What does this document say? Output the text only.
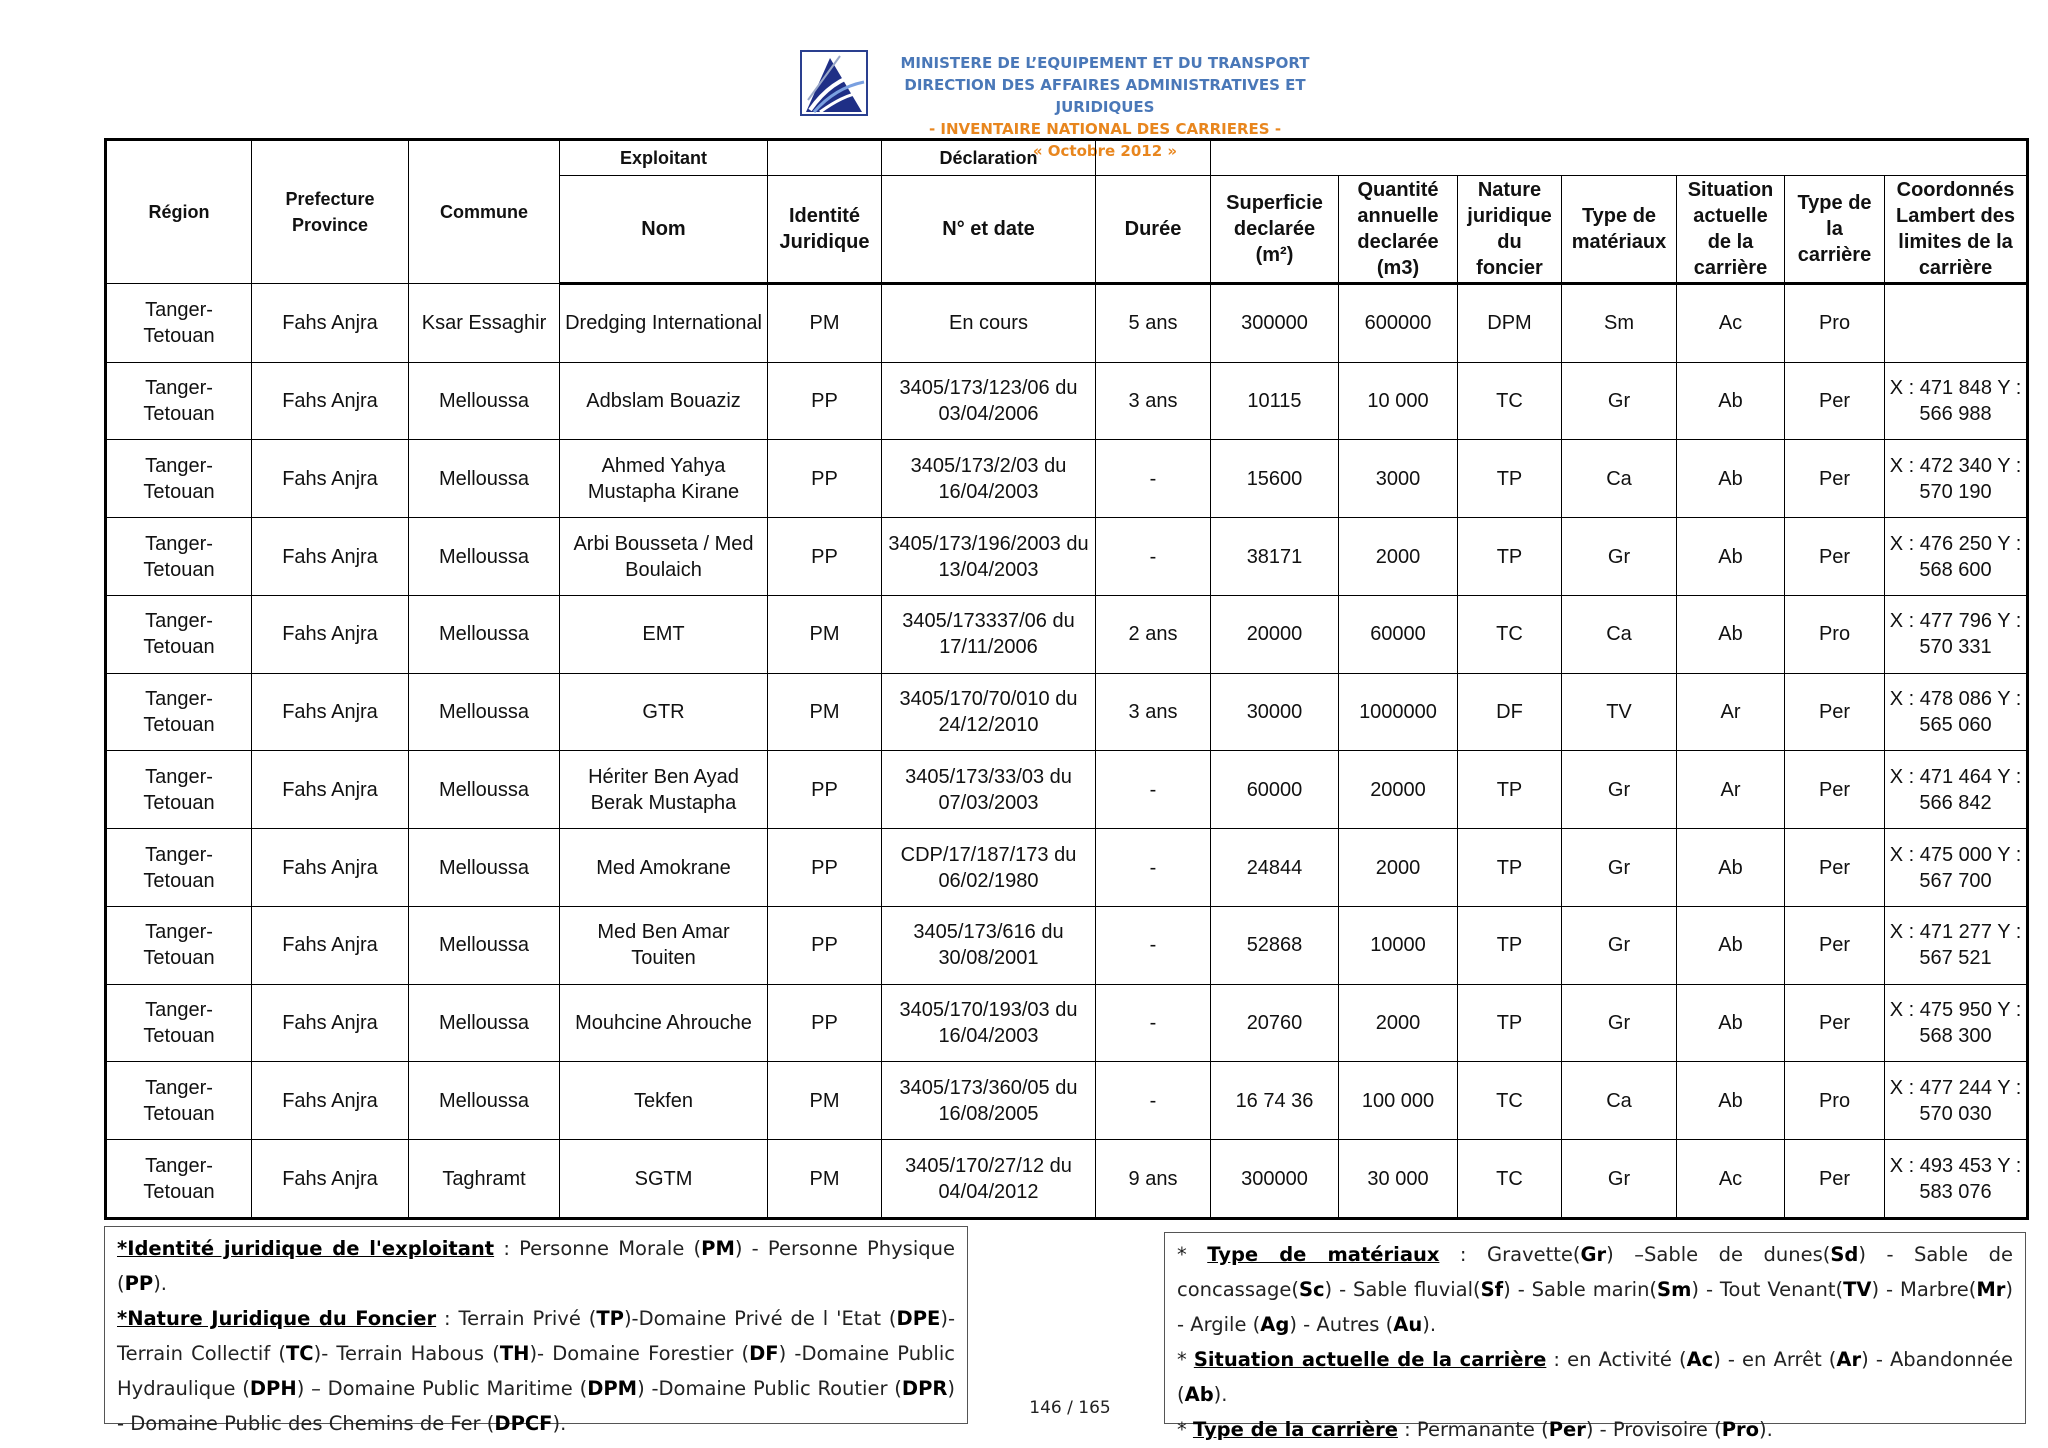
MINISTERE DE L’EQUIPEMENT ET DU TRANSPORT
DIRECTION DES AFFAIRES ADMINISTRATIVES ET JURIDIQUES
- INVENTAIRE NATIONAL DES CARRIERES -
« Octobre 2012 »
Région	Prefecture Province	Commune	Exploitant		Déclaration								
			Nom	Identité Juridique	N° et date	Durée	Superficie declarée (m²)	Quantité annuelle declarée (m3)	Nature juridique du foncier	Type de matériaux	Situation actuelle de la carrière	Type de la carrière	Coordonnés Lambert des limites de la carrière
Tanger-Tetouan	Fahs Anjra	Ksar Essaghir	Dredging International	PM	En cours	5 ans	300000	600000	DPM	Sm	Ac	Pro	
Tanger-Tetouan	Fahs Anjra	Melloussa	Adbslam Bouaziz	PP	3405/173/123/06 du 03/04/2006	3 ans	10115	10 000	TC	Gr	Ab	Per	X : 471 848 Y : 566 988
Tanger-Tetouan	Fahs Anjra	Melloussa	Ahmed Yahya Mustapha Kirane	PP	3405/173/2/03 du 16/04/2003	-	15600	3000	TP	Ca	Ab	Per	X : 472 340 Y : 570 190
Tanger-Tetouan	Fahs Anjra	Melloussa	Arbi Bousseta / Med Boulaich	PP	3405/173/196/2003 du 13/04/2003	-	38171	2000	TP	Gr	Ab	Per	X : 476 250 Y : 568 600
Tanger-Tetouan	Fahs Anjra	Melloussa	EMT	PM	3405/173337/06 du 17/11/2006	2 ans	20000	60000	TC	Ca	Ab	Pro	X : 477 796 Y : 570 331
Tanger-Tetouan	Fahs Anjra	Melloussa	GTR	PM	3405/170/70/010 du 24/12/2010	3 ans	30000	1000000	DF	TV	Ar	Per	X : 478 086 Y : 565 060
Tanger-Tetouan	Fahs Anjra	Melloussa	Hériter Ben Ayad Berak Mustapha	PP	3405/173/33/03 du 07/03/2003	-	60000	20000	TP	Gr	Ar	Per	X : 471 464 Y : 566 842
Tanger-Tetouan	Fahs Anjra	Melloussa	Med Amokrane	PP	CDP/17/187/173 du 06/02/1980	-	24844	2000	TP	Gr	Ab	Per	X : 475 000 Y : 567 700
Tanger-Tetouan	Fahs Anjra	Melloussa	Med Ben Amar Touiten	PP	3405/173/616 du 30/08/2001	-	52868	10000	TP	Gr	Ab	Per	X : 471 277 Y : 567 521
Tanger-Tetouan	Fahs Anjra	Melloussa	Mouhcine Ahrouche	PP	3405/170/193/03 du 16/04/2003	-	20760	2000	TP	Gr	Ab	Per	X : 475 950 Y : 568 300
Tanger-Tetouan	Fahs Anjra	Melloussa	Tekfen	PM	3405/173/360/05 du 16/08/2005	-	16 74 36	100 000	TC	Ca	Ab	Pro	X : 477 244 Y : 570 030
Tanger-Tetouan	Fahs Anjra	Taghramt	SGTM	PM	3405/170/27/12 du 04/04/2012	9 ans	300000	30 000	TC	Gr	Ac	Per	X : 493 453 Y : 583 076

*Identité juridique de l'exploitant : Personne Morale (PM) - Personne Physique (PP).

*Nature Juridique du Foncier : Terrain Privé (TP)-Domaine Privé de l 'Etat (DPE)-Terrain Collectif (TC)- Terrain Habous (TH)- Domaine Forestier (DF) -Domaine Public Hydraulique (DPH) – Domaine Public Maritime (DPM) -Domaine Public Routier (DPR) - Domaine Public des Chemins de Fer (DPCF).

* Type de matériaux : Gravette(Gr) –Sable de dunes(Sd) - Sable de concassage(Sc) - Sable fluvial(Sf) - Sable marin(Sm) - Tout Venant(TV) - Marbre(Mr) - Argile (Ag) - Autres (Au).

* Situation actuelle de la carrière : en Activité (Ac) - en Arrêt (Ar) - Abandonnée (Ab).

* Type de la carrière : Permanante (Per) - Provisoire (Pro).

146 / 165
